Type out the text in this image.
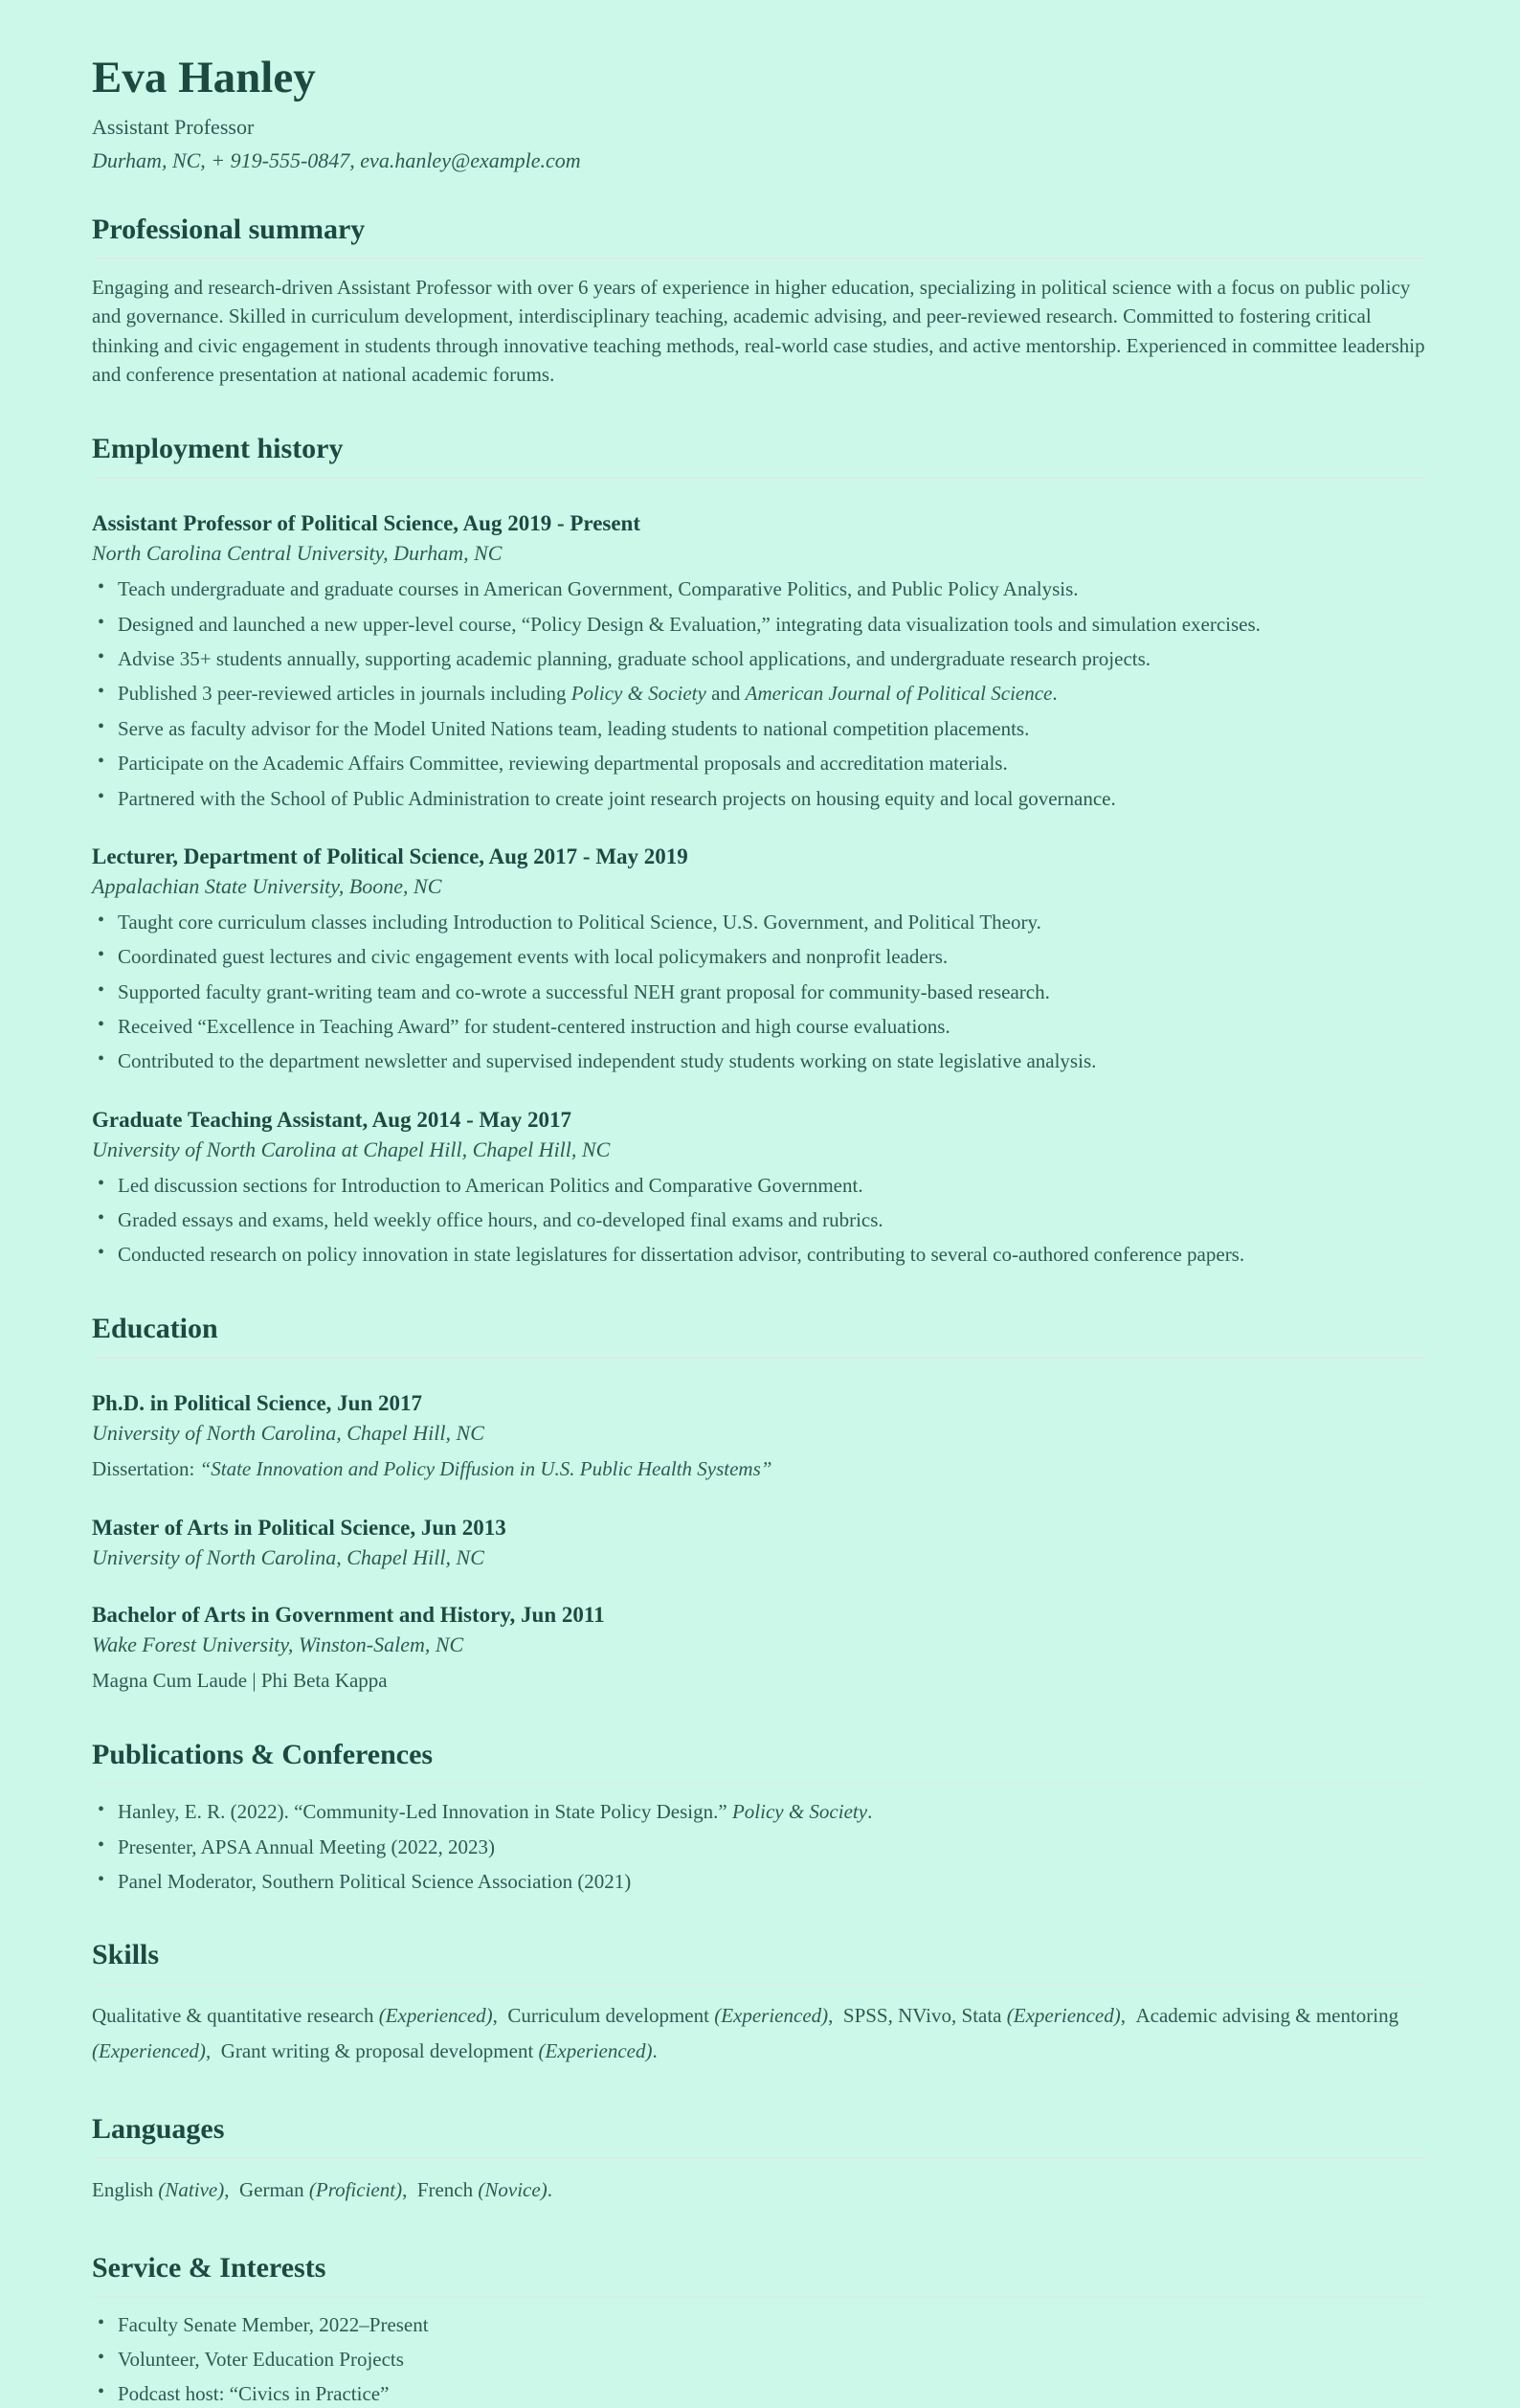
Eva Hanley
Assistant Professor
Durham, NC, + 919-555-0847, eva.hanley@example.com
Professional summary

Engaging and research-driven Assistant Professor with over 6 years of experience in higher education, specializing in political science with a focus on public policy and governance. Skilled in curriculum development, interdisciplinary teaching, academic advising, and peer-reviewed research. Committed to fostering critical thinking and civic engagement in students through innovative teaching methods, real-world case studies, and active mentorship. Experienced in committee leadership and conference presentation at national academic forums.

Employment history
Assistant Professor of Political Science, Aug 2019 - Present
North Carolina Central University, Durham, NC
• Teach undergraduate and graduate courses in American Government, Comparative Politics, and Public Policy Analysis.
• Designed and launched a new upper-level course, “Policy Design & Evaluation,” integrating data visualization tools and simulation exercises.
• Advise 35+ students annually, supporting academic planning, graduate school applications, and undergraduate research projects.
• Published 3 peer-reviewed articles in journals including Policy & Society and American Journal of Political Science.
• Serve as faculty advisor for the Model United Nations team, leading students to national competition placements.
• Participate on the Academic Affairs Committee, reviewing departmental proposals and accreditation materials.
• Partnered with the School of Public Administration to create joint research projects on housing equity and local governance.
Lecturer, Department of Political Science, Aug 2017 - May 2019
Appalachian State University, Boone, NC
• Taught core curriculum classes including Introduction to Political Science, U.S. Government, and Political Theory.
• Coordinated guest lectures and civic engagement events with local policymakers and nonprofit leaders.
• Supported faculty grant-writing team and co-wrote a successful NEH grant proposal for community-based research.
• Received “Excellence in Teaching Award” for student-centered instruction and high course evaluations.
• Contributed to the department newsletter and supervised independent study students working on state legislative analysis.
Graduate Teaching Assistant, Aug 2014 - May 2017
University of North Carolina at Chapel Hill, Chapel Hill, NC
• Led discussion sections for Introduction to American Politics and Comparative Government.
• Graded essays and exams, held weekly office hours, and co-developed final exams and rubrics.
• Conducted research on policy innovation in state legislatures for dissertation advisor, contributing to several co-authored conference papers.
Education
Ph.D. in Political Science, Jun 2017
University of North Carolina, Chapel Hill, NC

Dissertation: “State Innovation and Policy Diffusion in U.S. Public Health Systems”

Master of Arts in Political Science, Jun 2013
University of North Carolina, Chapel Hill, NC
Bachelor of Arts in Government and History, Jun 2011
Wake Forest University, Winston-Salem, NC

Magna Cum Laude | Phi Beta Kappa

Publications & Conferences
• Hanley, E. R. (2022). “Community-Led Innovation in State Policy Design.” Policy & Society.
• Presenter, APSA Annual Meeting (2022, 2023)
• Panel Moderator, Southern Political Science Association (2021)
Skills

Qualitative & quantitative research (Experienced), Curriculum development (Experienced), SPSS, NVivo, Stata (Experienced), Academic advising & mentoring (Experienced), Grant writing & proposal development (Experienced).

Languages

English (Native), German (Proficient), French (Novice).

Service & Interests
• Faculty Senate Member, 2022–Present
• Volunteer, Voter Education Projects
• Podcast host: “Civics in Practice”
